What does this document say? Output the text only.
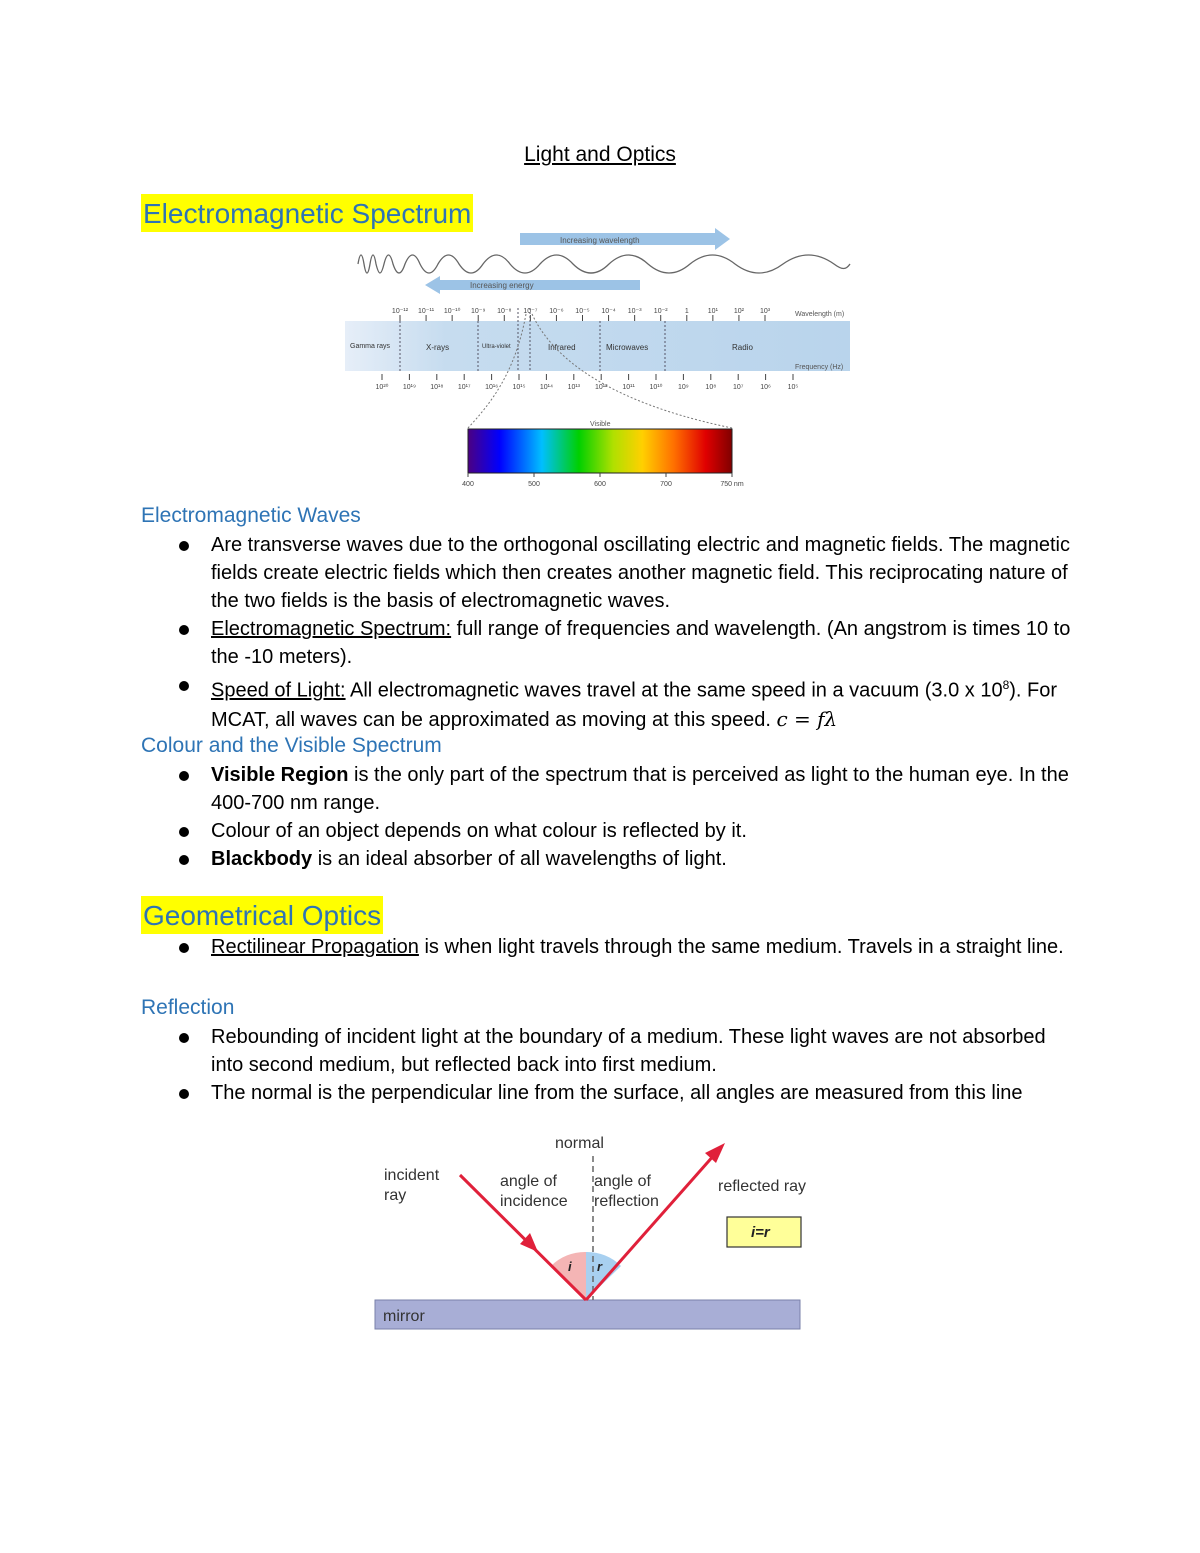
Light and Optics
Electromagnetic Spectrum
Increasing wavelength
Increasing energy
Gamma rays	X-rays	Ultra-violet	Infrared	Microwaves	Radio
Wavelength (m)
Frequency (Hz)
10⁻¹² 10⁻¹¹ 10⁻¹⁰ 10⁻⁹ 10⁻⁸ 10⁻⁷ 10⁻⁶ 10⁻⁵ 10⁻⁴ 10⁻³ 10⁻² 1	10¹ 10² 10³
10²⁰ 10¹⁹ 10¹⁸ 10¹⁷ 10¹⁶ 10¹⁵ 10¹⁴ 10¹³ 10¹² 10¹¹ 10¹⁰ 10⁹ 10⁸ 10⁷ 10⁶ 10⁵
Visible
400	500	600	700	750 nm
Electromagnetic Waves
Are transverse waves due to the orthogonal oscillating electric and magnetic fields. The magnetic fields create electric fields which then creates another magnetic field. This reciprocating nature of the two fields is the basis of electromagnetic waves.
Electromagnetic Spectrum: full range of frequencies and wavelength. (An angstrom is times 10 to the -10 meters).
Speed of Light: All electromagnetic waves travel at the same speed in a vacuum (3.0 x $10^8$). For MCAT, all waves can be approximated as moving at this speed. c = fλ
Colour and the Visible Spectrum
Visible Region is the only part of the spectrum that is perceived as light to the human eye. In the 400-700 nm range.
Colour of an object depends on what colour is reflected by it.
Blackbody is an ideal absorber of all wavelengths of light.
Geometrical Optics
Rectilinear Propagation is when light travels through the same medium. Travels in a straight line.
Reflection
Rebounding of incident light at the boundary of a medium. These light waves are not absorbed into second medium, but reflected back into first medium.
The normal is the perpendicular line from the surface, all angles are measured from this line
mirror
i r
normal
incident
ray
angle of
incidence
angle of
reflection
reflected ray
i=r
